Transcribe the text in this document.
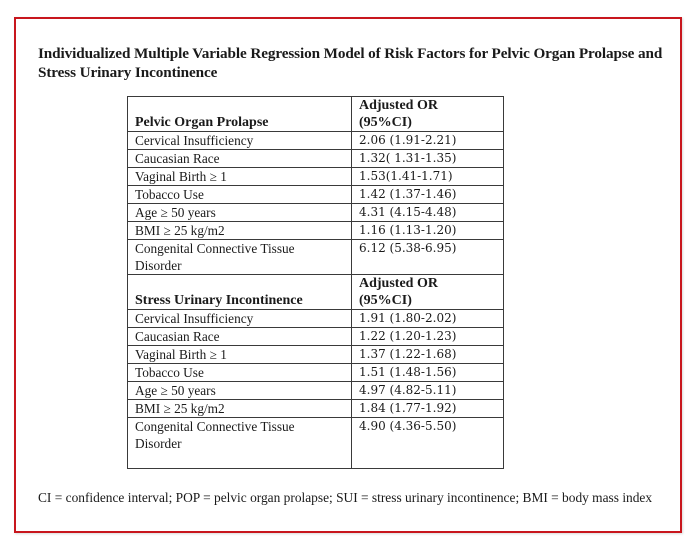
Individualized Multiple Variable Regression Model of Risk Factors for Pelvic Organ Prolapse and Stress Urinary Incontinence
Pelvic Organ Prolapse	Adjusted OR
(95%CI)
Cervical Insufficiency	2.06 (1.91-2.21)
Caucasian Race	1.32( 1.31-1.35)
Vaginal Birth ≥ 1	1.53(1.41-1.71)
Tobacco Use	1.42 (1.37-1.46)
Age ≥ 50 years	4.31 (4.15-4.48)
BMI ≥ 25 kg/m2	1.16 (1.13-1.20)
Congenital Connective Tissue Disorder	6.12 (5.38-6.95)
Stress Urinary Incontinence	Adjusted OR
(95%CI)
Cervical Insufficiency	1.91 (1.80-2.02)
Caucasian Race	1.22 (1.20-1.23)
Vaginal Birth ≥ 1	1.37 (1.22-1.68)
Tobacco Use	1.51 (1.48-1.56)
Age ≥ 50 years	4.97 (4.82-5.11)
BMI ≥ 25 kg/m2	1.84 (1.77-1.92)
Congenital Connective Tissue Disorder	4.90 (4.36-5.50)
CI = confidence interval; POP = pelvic organ prolapse; SUI = stress urinary incontinence; BMI = body mass index
